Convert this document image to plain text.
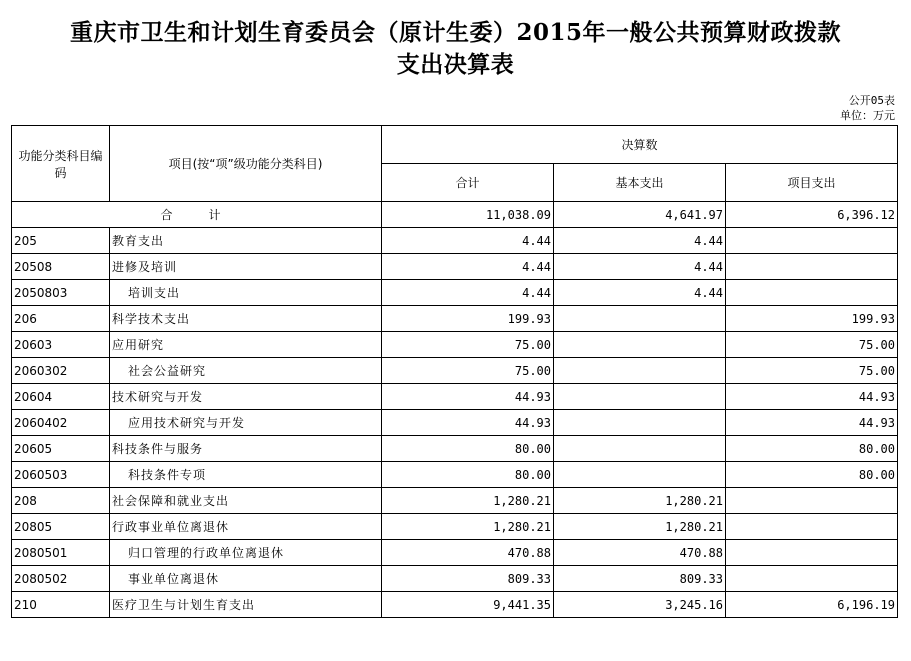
重庆市卫生和计划生育委员会（原计生委）2015年一般公共预算财政拨款
支出决算表
公开05表
单位：万元
功能分类科目编码	项目(按“项”级功能分类科目)	决算数		
		合计	基本支出	项目支出
合　计		11,038.09	4,641.97	6,396.12
205	教育支出	4.44	4.44	
20508	进修及培训	4.44	4.44	
2050803	培训支出	4.44	4.44	
206	科学技术支出	199.93		199.93
20603	应用研究	75.00		75.00
2060302	社会公益研究	75.00		75.00
20604	技术研究与开发	44.93		44.93
2060402	应用技术研究与开发	44.93		44.93
20605	科技条件与服务	80.00		80.00
2060503	科技条件专项	80.00		80.00
208	社会保障和就业支出	1,280.21	1,280.21	
20805	行政事业单位离退休	1,280.21	1,280.21	
2080501	归口管理的行政单位离退休	470.88	470.88	
2080502	事业单位离退休	809.33	809.33	
210	医疗卫生与计划生育支出	9,441.35	3,245.16	6,196.19
